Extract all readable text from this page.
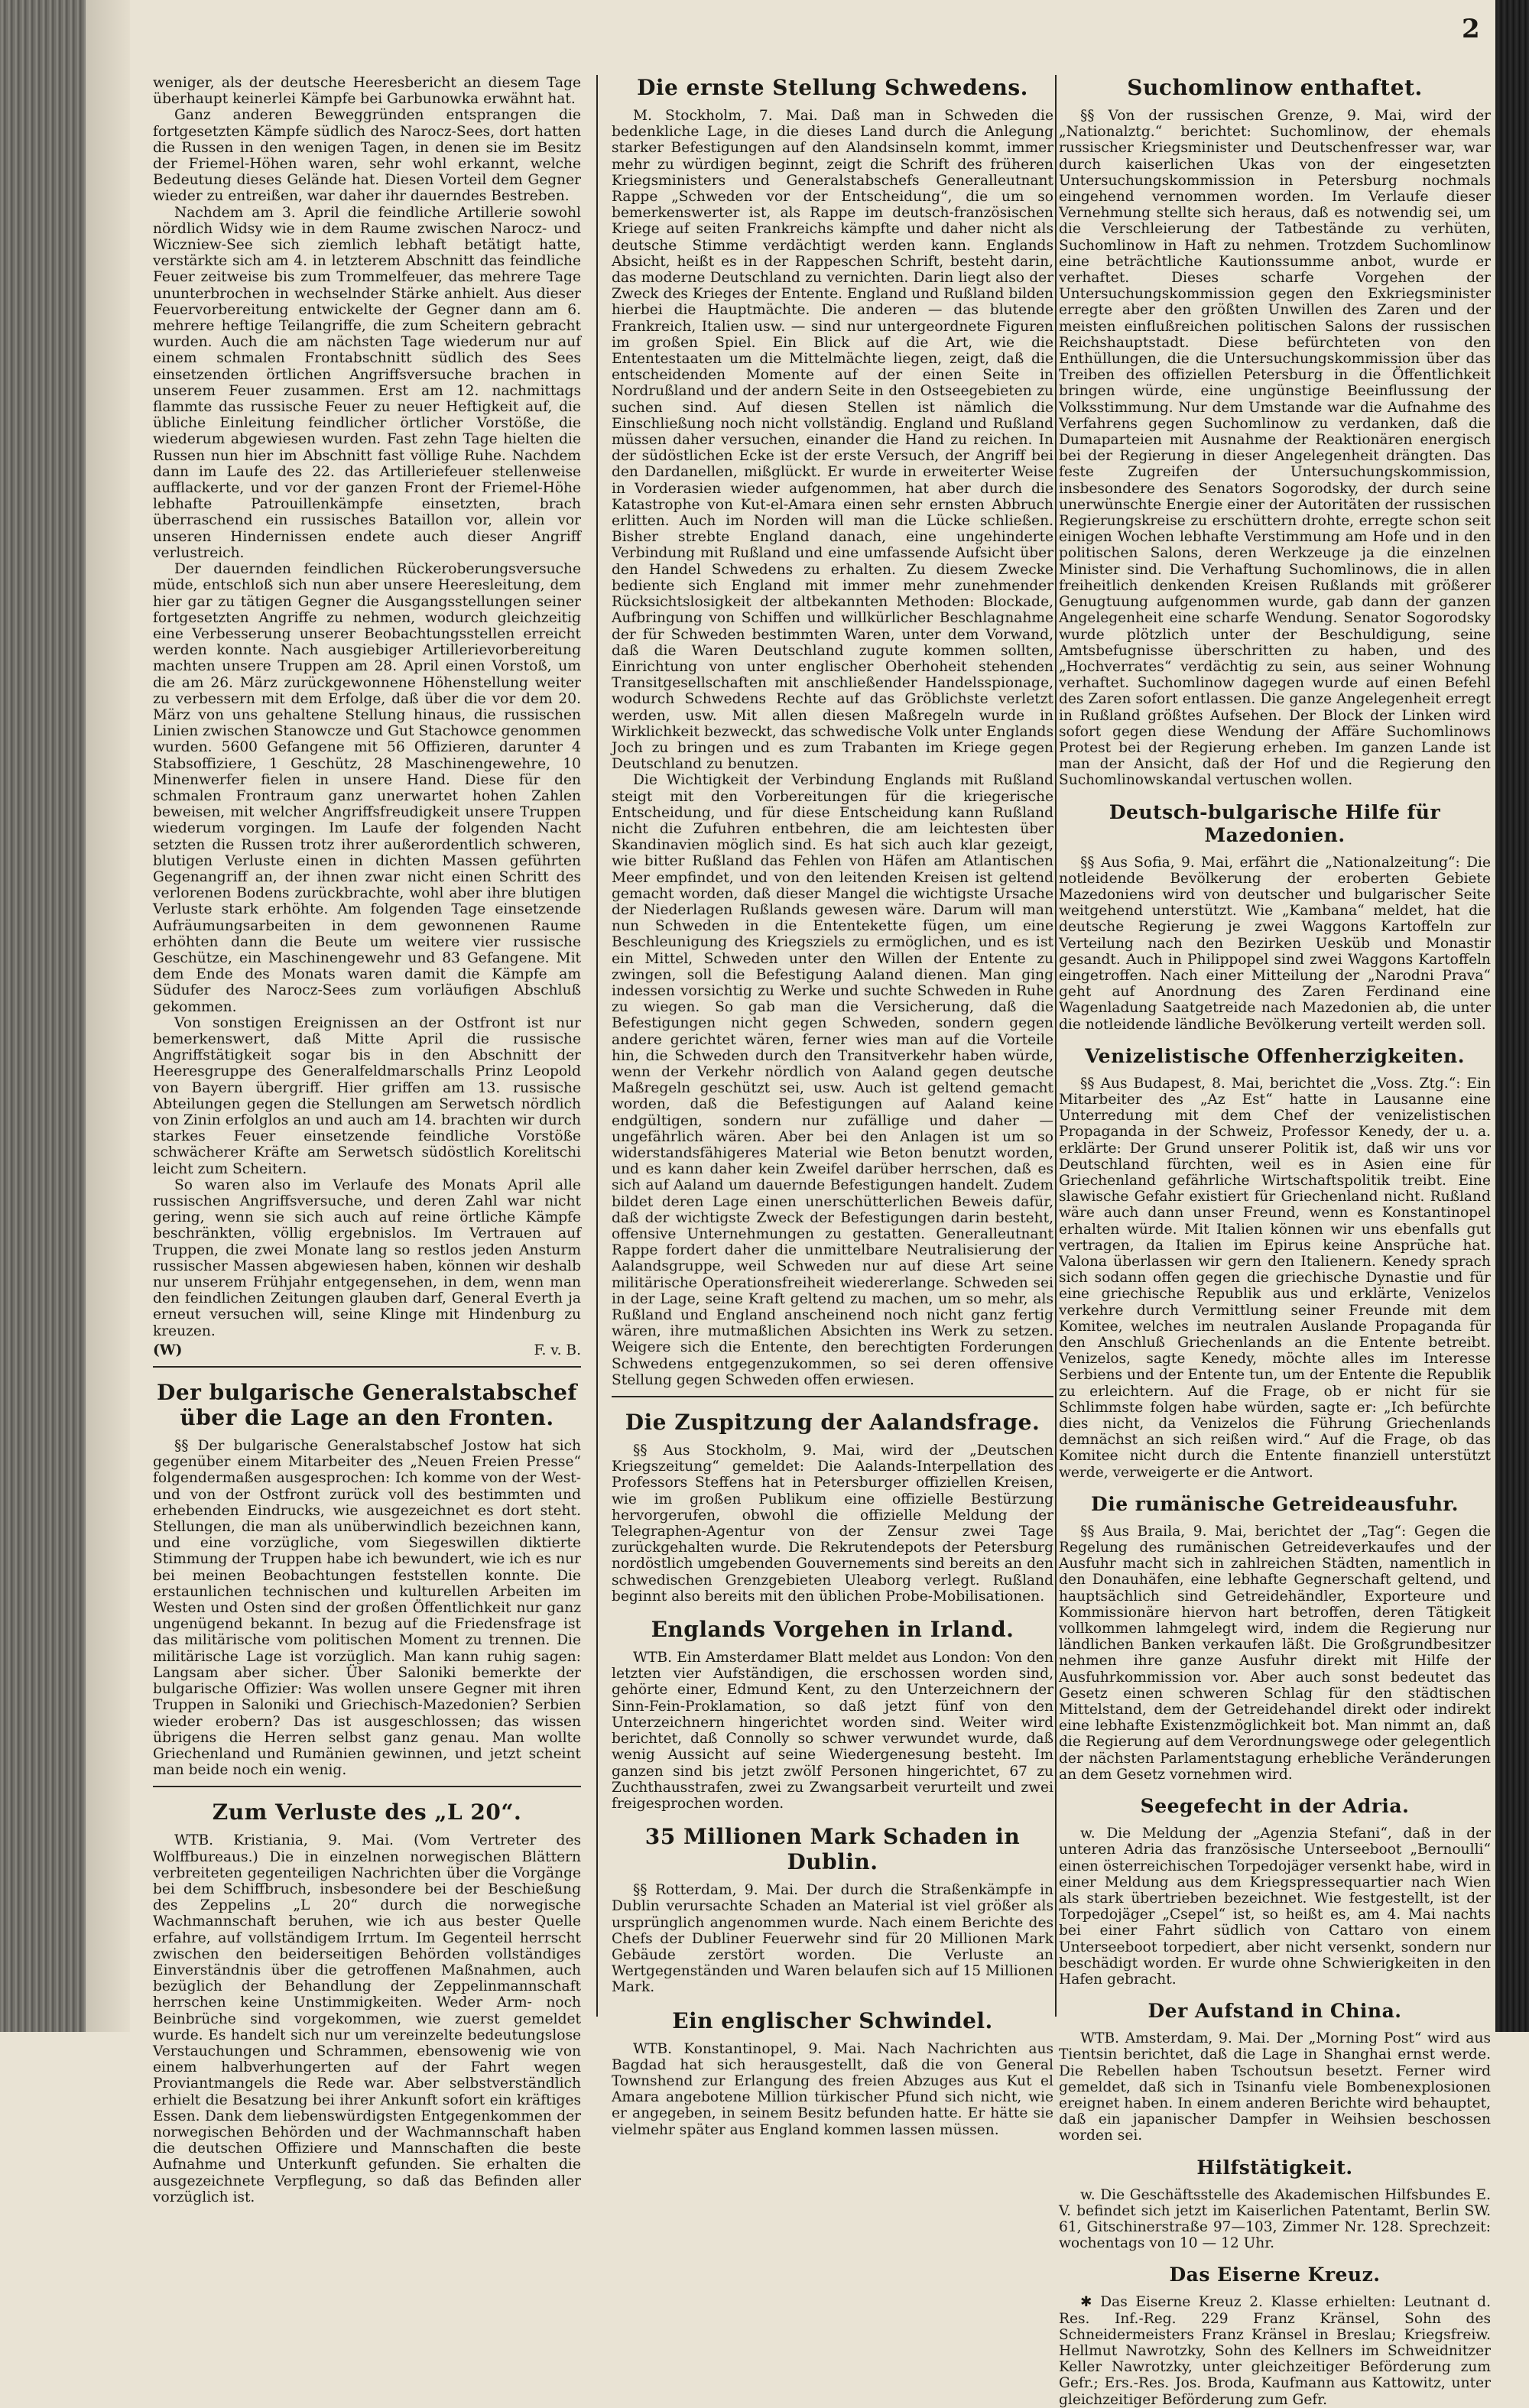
2

weniger, als der deutsche Heeresbericht an diesem Tage überhaupt keinerlei Kämpfe bei Garbunowka erwähnt hat.

Ganz anderen Beweggründen entsprangen die fortgesetzten Kämpfe südlich des Narocz-Sees, dort hatten die Russen in den wenigen Tagen, in denen sie im Besitz der Friemel-Höhen waren, sehr wohl erkannt, welche Bedeutung dieses Gelände hat. Diesen Vorteil dem Gegner wieder zu entreißen, war daher ihr dauerndes Bestreben.

Nachdem am 3. April die feindliche Artillerie sowohl nördlich Widsy wie in dem Raume zwischen Narocz- und Wiczniew-See sich ziemlich lebhaft betätigt hatte, verstärkte sich am 4. in letzterem Abschnitt das feindliche Feuer zeitweise bis zum Trommelfeuer, das mehrere Tage ununterbrochen in wechselnder Stärke anhielt. Aus dieser Feuervorbereitung entwickelte der Gegner dann am 6. mehrere heftige Teilangriffe, die zum Scheitern gebracht wurden. Auch die am nächsten Tage wiederum nur auf einem schmalen Frontabschnitt südlich des Sees einsetzenden örtlichen Angriffsversuche brachen in unserem Feuer zusammen. Erst am 12. nachmittags flammte das russische Feuer zu neuer Heftigkeit auf, die übliche Einleitung feindlicher örtlicher Vorstöße, die wiederum abgewiesen wurden. Fast zehn Tage hielten die Russen nun hier im Abschnitt fast völlige Ruhe. Nachdem dann im Laufe des 22. das Artilleriefeuer stellenweise aufflackerte, und vor der ganzen Front der Friemel-Höhe lebhafte Patrouillenkämpfe einsetzten, brach überraschend ein russisches Bataillon vor, allein vor unseren Hindernissen endete auch dieser Angriff verlustreich.

Der dauernden feindlichen Rückeroberungsversuche müde, entschloß sich nun aber unsere Heeresleitung, dem hier gar zu tätigen Gegner die Ausgangsstellungen seiner fortgesetzten Angriffe zu nehmen, wodurch gleichzeitig eine Verbesserung unserer Beobachtungsstellen erreicht werden konnte. Nach ausgiebiger Artillerievorbereitung machten unsere Truppen am 28. April einen Vorstoß, um die am 26. März zurückgewonnene Höhenstellung weiter zu verbessern mit dem Erfolge, daß über die vor dem 20. März von uns gehaltene Stellung hinaus, die russischen Linien zwischen Stanowcze und Gut Stachowce genommen wurden. 5600 Gefangene mit 56 Offizieren, darunter 4 Stabsoffiziere, 1 Geschütz, 28 Maschinengewehre, 10 Minenwerfer fielen in unsere Hand. Diese für den schmalen Frontraum ganz unerwartet hohen Zahlen beweisen, mit welcher Angriffsfreudigkeit unsere Truppen wiederum vorgingen. Im Laufe der folgenden Nacht setzten die Russen trotz ihrer außerordentlich schweren, blutigen Verluste einen in dichten Massen geführten Gegenangriff an, der ihnen zwar nicht einen Schritt des verlorenen Bodens zurückbrachte, wohl aber ihre blutigen Verluste stark erhöhte. Am folgenden Tage einsetzende Aufräumungsarbeiten in dem gewonnenen Raume erhöhten dann die Beute um weitere vier russische Geschütze, ein Maschinengewehr und 83 Gefangene. Mit dem Ende des Monats waren damit die Kämpfe am Südufer des Narocz-Sees zum vorläufigen Abschluß gekommen.

Von sonstigen Ereignissen an der Ostfront ist nur bemerkenswert, daß Mitte April die russische Angriffstätigkeit sogar bis in den Abschnitt der Heeresgruppe des Generalfeldmarschalls Prinz Leopold von Bayern übergriff. Hier griffen am 13. russische Abteilungen gegen die Stellungen am Serwetsch nördlich von Zinin erfolglos an und auch am 14. brachten wir durch starkes Feuer einsetzende feindliche Vorstöße schwächerer Kräfte am Serwetsch südöstlich Korelitschi leicht zum Scheitern.

So waren also im Verlaufe des Monats April alle russischen Angriffsversuche, und deren Zahl war nicht gering, wenn sie sich auch auf reine örtliche Kämpfe beschränkten, völlig ergebnislos. Im Vertrauen auf Truppen, die zwei Monate lang so restlos jeden Ansturm russischer Massen abgewiesen haben, können wir deshalb nur unserem Frühjahr entgegensehen, in dem, wenn man den feindlichen Zeitungen glauben darf, General Everth ja erneut versuchen will, seine Klinge mit Hindenburg zu kreuzen.

(W)	F. v. B.
Der bulgarische Generalstabschef über die Lage an den Fronten.

§§ Der bulgarische Generalstabschef Jostow hat sich gegenüber einem Mitarbeiter des „Neuen Freien Presse“ folgendermaßen ausgesprochen: Ich komme von der West- und von der Ostfront zurück voll des bestimmten und erhebenden Eindrucks, wie ausgezeichnet es dort steht. Stellungen, die man als unüberwindlich bezeichnen kann, und eine vorzügliche, vom Siegeswillen diktierte Stimmung der Truppen habe ich bewundert, wie ich es nur bei meinen Beobachtungen feststellen konnte. Die erstaunlichen technischen und kulturellen Arbeiten im Westen und Osten sind der großen Öffentlichkeit nur ganz ungenügend bekannt. In bezug auf die Friedensfrage ist das militärische vom politischen Moment zu trennen. Die militärische Lage ist vorzüglich. Man kann ruhig sagen: Langsam aber sicher. Über Saloniki bemerkte der bulgarische Offizier: Was wollen unsere Gegner mit ihren Truppen in Saloniki und Griechisch-Mazedonien? Serbien wieder erobern? Das ist ausgeschlossen; das wissen übrigens die Herren selbst ganz genau. Man wollte Griechenland und Rumänien gewinnen, und jetzt scheint man beide noch ein wenig.

Zum Verluste des „L 20“.

WTB. Kristiania, 9. Mai. (Vom Vertreter des Wolffbureaus.) Die in einzelnen norwegischen Blättern verbreiteten gegenteiligen Nachrichten über die Vorgänge bei dem Schiffbruch, insbesondere bei der Beschießung des Zeppelins „L 20“ durch die norwegische Wachmannschaft beruhen, wie ich aus bester Quelle erfahre, auf vollständigem Irrtum. Im Gegenteil herrscht zwischen den beiderseitigen Behörden vollständiges Einverständnis über die getroffenen Maßnahmen, auch bezüglich der Behandlung der Zeppelinmannschaft herrschen keine Unstimmigkeiten. Weder Arm- noch Beinbrüche sind vorgekommen, wie zuerst gemeldet wurde. Es handelt sich nur um vereinzelte bedeutungslose Verstauchungen und Schrammen, ebensowenig wie von einem halbverhungerten auf der Fahrt wegen Proviantmangels die Rede war. Aber selbstverständlich erhielt die Besatzung bei ihrer Ankunft sofort ein kräftiges Essen. Dank dem liebenswürdigsten Entgegenkommen der norwegischen Behörden und der Wachmannschaft haben die deutschen Offiziere und Mannschaften die beste Aufnahme und Unterkunft gefunden. Sie erhalten die ausgezeichnete Verpflegung, so daß das Befinden aller vorzüglich ist.

Die ernste Stellung Schwedens.

M. Stockholm, 7. Mai. Daß man in Schweden die bedenkliche Lage, in die dieses Land durch die Anlegung starker Befestigungen auf den Alandsinseln kommt, immer mehr zu würdigen beginnt, zeigt die Schrift des früheren Kriegsministers und Generalstabschefs Generalleutnant Rappe „Schweden vor der Entscheidung“, die um so bemerkenswerter ist, als Rappe im deutsch-französischen Kriege auf seiten Frankreichs kämpfte und daher nicht als deutsche Stimme verdächtigt werden kann. Englands Absicht, heißt es in der Rappeschen Schrift, besteht darin, das moderne Deutschland zu vernichten. Darin liegt also der Zweck des Krieges der Entente. England und Rußland bilden hierbei die Hauptmächte. Die anderen — das blutende Frankreich, Italien usw. — sind nur untergeordnete Figuren im großen Spiel. Ein Blick auf die Art, wie die Ententestaaten um die Mittelmächte liegen, zeigt, daß die entscheidenden Momente auf der einen Seite in Nordrußland und der andern Seite in den Ostseegebieten zu suchen sind. Auf diesen Stellen ist nämlich die Einschließung noch nicht vollständig. England und Rußland müssen daher versuchen, einander die Hand zu reichen. In der südöstlichen Ecke ist der erste Versuch, der Angriff bei den Dardanellen, mißglückt. Er wurde in erweiterter Weise in Vorderasien wieder aufgenommen, hat aber durch die Katastrophe von Kut-el-Amara einen sehr ernsten Abbruch erlitten. Auch im Norden will man die Lücke schließen. Bisher strebte England danach, eine ungehinderte Verbindung mit Rußland und eine umfassende Aufsicht über den Handel Schwedens zu erhalten. Zu diesem Zwecke bediente sich England mit immer mehr zunehmender Rücksichtslosigkeit der altbekannten Methoden: Blockade, Aufbringung von Schiffen und willkürlicher Beschlagnahme der für Schweden bestimmten Waren, unter dem Vorwand, daß die Waren Deutschland zugute kommen sollten, Einrichtung von unter englischer Oberhoheit stehenden Transitgesellschaften mit anschließender Handelsspionage, wodurch Schwedens Rechte auf das Gröblichste verletzt werden, usw. Mit allen diesen Maßregeln wurde in Wirklichkeit bezweckt, das schwedische Volk unter Englands Joch zu bringen und es zum Trabanten im Kriege gegen Deutschland zu benutzen.

Die Wichtigkeit der Verbindung Englands mit Rußland steigt mit den Vorbereitungen für die kriegerische Entscheidung, und für diese Entscheidung kann Rußland nicht die Zufuhren entbehren, die am leichtesten über Skandinavien möglich sind. Es hat sich auch klar gezeigt, wie bitter Rußland das Fehlen von Häfen am Atlantischen Meer empfindet, und von den leitenden Kreisen ist geltend gemacht worden, daß dieser Mangel die wichtigste Ursache der Niederlagen Rußlands gewesen wäre. Darum will man nun Schweden in die Ententekette fügen, um eine Beschleunigung des Kriegsziels zu ermöglichen, und es ist ein Mittel, Schweden unter den Willen der Entente zu zwingen, soll die Befestigung Aaland dienen. Man ging indessen vorsichtig zu Werke und suchte Schweden in Ruhe zu wiegen. So gab man die Versicherung, daß die Befestigungen nicht gegen Schweden, sondern gegen andere gerichtet wären, ferner wies man auf die Vorteile hin, die Schweden durch den Transitverkehr haben würde, wenn der Verkehr nördlich von Aaland gegen deutsche Maßregeln geschützt sei, usw. Auch ist geltend gemacht worden, daß die Befestigungen auf Aaland keine endgültigen, sondern nur zufällige und daher — ungefährlich wären. Aber bei den Anlagen ist um so widerstandsfähigeres Material wie Beton benutzt worden, und es kann daher kein Zweifel darüber herrschen, daß es sich auf Aaland um dauernde Befestigungen handelt. Zudem bildet deren Lage einen unerschütterlichen Beweis dafür, daß der wichtigste Zweck der Befestigungen darin besteht, offensive Unternehmungen zu gestatten. Generalleutnant Rappe fordert daher die unmittelbare Neutralisierung der Aalandsgruppe, weil Schweden nur auf diese Art seine militärische Operationsfreiheit wiedererlange. Schweden sei in der Lage, seine Kraft geltend zu machen, um so mehr, als Rußland und England anscheinend noch nicht ganz fertig wären, ihre mutmaßlichen Absichten ins Werk zu setzen. Weigere sich die Entente, den berechtigten Forderungen Schwedens entgegenzukommen, so sei deren offensive Stellung gegen Schweden offen erwiesen.

Die Zuspitzung der Aalandsfrage.

§§ Aus Stockholm, 9. Mai, wird der „Deutschen Kriegszeitung“ gemeldet: Die Aalands-Interpellation des Professors Steffens hat in Petersburger offiziellen Kreisen, wie im großen Publikum eine offizielle Bestürzung hervorgerufen, obwohl die offizielle Meldung der Telegraphen-Agentur von der Zensur zwei Tage zurückgehalten wurde. Die Rekrutendepots der Petersburg nordöstlich umgebenden Gouvernements sind bereits an den schwedischen Grenzgebieten Uleaborg verlegt. Rußland beginnt also bereits mit den üblichen Probe-Mobilisationen.

Englands Vorgehen in Irland.

WTB. Ein Amsterdamer Blatt meldet aus London: Von den letzten vier Aufständigen, die erschossen worden sind, gehörte einer, Edmund Kent, zu den Unterzeichnern der Sinn-Fein-Proklamation, so daß jetzt fünf von den Unterzeichnern hingerichtet worden sind. Weiter wird berichtet, daß Connolly so schwer verwundet wurde, daß wenig Aussicht auf seine Wiedergenesung besteht. Im ganzen sind bis jetzt zwölf Personen hingerichtet, 67 zu Zuchthausstrafen, zwei zu Zwangsarbeit verurteilt und zwei freigesprochen worden.

35 Millionen Mark Schaden in Dublin.

§§ Rotterdam, 9. Mai. Der durch die Straßenkämpfe in Dublin verursachte Schaden an Material ist viel größer als ursprünglich angenommen wurde. Nach einem Berichte des Chefs der Dubliner Feuerwehr sind für 20 Millionen Mark Gebäude zerstört worden. Die Verluste an Wertgegenständen und Waren belaufen sich auf 15 Millionen Mark.

Ein englischer Schwindel.

WTB. Konstantinopel, 9. Mai. Nach Nachrichten aus Bagdad hat sich herausgestellt, daß die von General Townshend zur Erlangung des freien Abzuges aus Kut el Amara angebotene Million türkischer Pfund sich nicht, wie er angegeben, in seinem Besitz befunden hatte. Er hätte sie vielmehr später aus England kommen lassen müssen.

Suchomlinow enthaftet.

§§ Von der russischen Grenze, 9. Mai, wird der „Nationalztg.“ berichtet: Suchomlinow, der ehemals russischer Kriegsminister und Deutschenfresser war, war durch kaiserlichen Ukas von der eingesetzten Untersuchungskommission in Petersburg nochmals eingehend vernommen worden. Im Verlaufe dieser Vernehmung stellte sich heraus, daß es notwendig sei, um die Verschleierung der Tatbestände zu verhüten, Suchomlinow in Haft zu nehmen. Trotzdem Suchomlinow eine beträchtliche Kautionssumme anbot, wurde er verhaftet. Dieses scharfe Vorgehen der Untersuchungskommission gegen den Exkriegsminister erregte aber den größten Unwillen des Zaren und der meisten einflußreichen politischen Salons der russischen Reichshauptstadt. Diese befürchteten von den Enthüllungen, die die Untersuchungskommission über das Treiben des offiziellen Petersburg in die Öffentlichkeit bringen würde, eine ungünstige Beeinflussung der Volksstimmung. Nur dem Umstande war die Aufnahme des Verfahrens gegen Suchomlinow zu verdanken, daß die Dumaparteien mit Ausnahme der Reaktionären energisch bei der Regierung in dieser Angelegenheit drängten. Das feste Zugreifen der Untersuchungskommission, insbesondere des Senators Sogorodsky, der durch seine unerwünschte Energie einer der Autoritäten der russischen Regierungskreise zu erschüttern drohte, erregte schon seit einigen Wochen lebhafte Verstimmung am Hofe und in den politischen Salons, deren Werkzeuge ja die einzelnen Minister sind. Die Verhaftung Suchomlinows, die in allen freiheitlich denkenden Kreisen Rußlands mit größerer Genugtuung aufgenommen wurde, gab dann der ganzen Angelegenheit eine scharfe Wendung. Senator Sogorodsky wurde plötzlich unter der Beschuldigung, seine Amtsbefugnisse überschritten zu haben, und des „Hochverrates“ verdächtig zu sein, aus seiner Wohnung verhaftet. Suchomlinow dagegen wurde auf einen Befehl des Zaren sofort entlassen. Die ganze Angelegenheit erregt in Rußland größtes Aufsehen. Der Block der Linken wird sofort gegen diese Wendung der Affäre Suchomlinows Protest bei der Regierung erheben. Im ganzen Lande ist man der Ansicht, daß der Hof und die Regierung den Suchomlinowskandal vertuschen wollen.

Deutsch-bulgarische Hilfe für Mazedonien.

§§ Aus Sofia, 9. Mai, erfährt die „Nationalzeitung“: Die notleidende Bevölkerung der eroberten Gebiete Mazedoniens wird von deutscher und bulgarischer Seite weitgehend unterstützt. Wie „Kambana“ meldet, hat die deutsche Regierung je zwei Waggons Kartoffeln zur Verteilung nach den Bezirken Uesküb und Monastir gesandt. Auch in Philippopel sind zwei Waggons Kartoffeln eingetroffen. Nach einer Mitteilung der „Narodni Prava“ geht auf Anordnung des Zaren Ferdinand eine Wagenladung Saatgetreide nach Mazedonien ab, die unter die notleidende ländliche Bevölkerung verteilt werden soll.

Venizelistische Offenherzigkeiten.

§§ Aus Budapest, 8. Mai, berichtet die „Voss. Ztg.“: Ein Mitarbeiter des „Az Est“ hatte in Lausanne eine Unterredung mit dem Chef der venizelistischen Propaganda in der Schweiz, Professor Kenedy, der u. a. erklärte: Der Grund unserer Politik ist, daß wir uns vor Deutschland fürchten, weil es in Asien eine für Griechenland gefährliche Wirtschaftspolitik treibt. Eine slawische Gefahr existiert für Griechenland nicht. Rußland wäre auch dann unser Freund, wenn es Konstantinopel erhalten würde. Mit Italien können wir uns ebenfalls gut vertragen, da Italien im Epirus keine Ansprüche hat. Valona überlassen wir gern den Italienern. Kenedy sprach sich sodann offen gegen die griechische Dynastie und für eine griechische Republik aus und erklärte, Venizelos verkehre durch Vermittlung seiner Freunde mit dem Komitee, welches im neutralen Auslande Propaganda für den Anschluß Griechenlands an die Entente betreibt. Venizelos, sagte Kenedy, möchte alles im Interesse Serbiens und der Entente tun, um der Entente die Republik zu erleichtern. Auf die Frage, ob er nicht für sie Schlimmste folgen habe würden, sagte er: „Ich befürchte dies nicht, da Venizelos die Führung Griechenlands demnächst an sich reißen wird.“ Auf die Frage, ob das Komitee nicht durch die Entente finanziell unterstützt werde, verweigerte er die Antwort.

Die rumänische Getreideausfuhr.

§§ Aus Braila, 9. Mai, berichtet der „Tag“: Gegen die Regelung des rumänischen Getreideverkaufes und der Ausfuhr macht sich in zahlreichen Städten, namentlich in den Donauhäfen, eine lebhafte Gegnerschaft geltend, und hauptsächlich sind Getreidehändler, Exporteure und Kommissionäre hiervon hart betroffen, deren Tätigkeit vollkommen lahmgelegt wird, indem die Regierung nur ländlichen Banken verkaufen läßt. Die Großgrundbesitzer nehmen ihre ganze Ausfuhr direkt mit Hilfe der Ausfuhrkommission vor. Aber auch sonst bedeutet das Gesetz einen schweren Schlag für den städtischen Mittelstand, dem der Getreidehandel direkt oder indirekt eine lebhafte Existenzmöglichkeit bot. Man nimmt an, daß die Regierung auf dem Verordnungswege oder gelegentlich der nächsten Parlamentstagung erhebliche Veränderungen an dem Gesetz vornehmen wird.

Seegefecht in der Adria.

w. Die Meldung der „Agenzia Stefani“, daß in der unteren Adria das französische Unterseeboot „Bernoulli“ einen österreichischen Torpedojäger versenkt habe, wird in einer Meldung aus dem Kriegspressequartier nach Wien als stark übertrieben bezeichnet. Wie festgestellt, ist der Torpedojäger „Csepel“ ist, so heißt es, am 4. Mai nachts bei einer Fahrt südlich von Cattaro von einem Unterseeboot torpediert, aber nicht versenkt, sondern nur beschädigt worden. Er wurde ohne Schwierigkeiten in den Hafen gebracht.

Der Aufstand in China.

WTB. Amsterdam, 9. Mai. Der „Morning Post“ wird aus Tientsin berichtet, daß die Lage in Shanghai ernst werde. Die Rebellen haben Tschoutsun besetzt. Ferner wird gemeldet, daß sich in Tsinanfu viele Bombenexplosionen ereignet haben. In einem anderen Berichte wird behauptet, daß ein japanischer Dampfer in Weihsien beschossen worden sei.

Hilfstätigkeit.

w. Die Geschäftsstelle des Akademischen Hilfsbundes E. V. befindet sich jetzt im Kaiserlichen Patentamt, Berlin SW. 61, Gitschinerstraße 97—103, Zimmer Nr. 128. Sprechzeit: wochentags von 10 — 12 Uhr.

Das Eiserne Kreuz.

✱ Das Eiserne Kreuz 2. Klasse erhielten: Leutnant d. Res. Inf.-Reg. 229 Franz Kränsel, Sohn des Schneidermeisters Franz Kränsel in Breslau; Kriegsfreiw. Hellmut Nawrotzky, Sohn des Kellners im Schweidnitzer Keller Nawrotzky, unter gleichzeitiger Beförderung zum Gefr.; Ers.-Res. Jos. Broda, Kaufmann aus Kattowitz, unter gleichzeitiger Beförderung zum Gefr.
